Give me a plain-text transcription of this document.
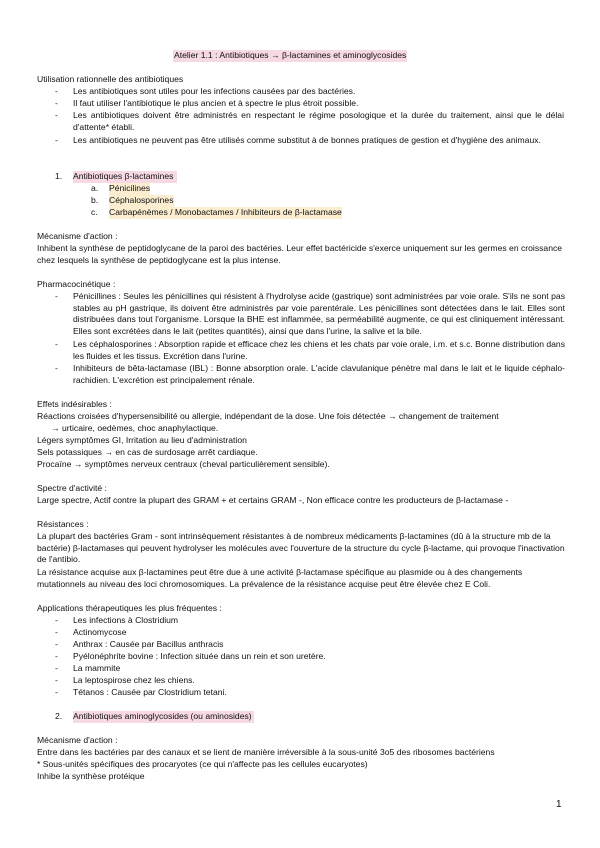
Atelier 1.1 : Antibiotiques → β-lactamines et aminoglycosides
Utilisation rationnelle des antibiotiques
- Les antibiotiques sont utiles pour les infections causées par des bactéries.
- Il faut utiliser l'antibiotique le plus ancien et à spectre le plus étroit possible.
- Les antibiotiques doivent être administrés en respectant le régime posologique et la durée du traitement, ainsi que le délai d'attente* établi.
- Les antibiotiques ne peuvent pas être utilisés comme substitut à de bonnes pratiques de gestion et d'hygiène des animaux.
1. Antibiotiques β-lactamines
a. Pénicilines
b. Céphalosporines
c. Carbapénèmes / Monobactames / Inhibiteurs de β-lactamase
Mécanisme d'action :
Inhibent la synthèse de peptidoglycane de la paroi des bactéries. Leur effet bactéricide s'exerce uniquement sur les germes en croissance chez lesquels la synthèse de peptidoglycane est la plus intense.
Pharmacocinétique :
- Pénicillines : Seules les pénicillines qui résistent à l'hydrolyse acide (gastrique) sont administrées par voie orale. S'ils ne sont pas stables au pH gastrique, ils doivent être administrés par voie parentérale. Les pénicillines sont détectées dans le lait. Elles sont distribuées dans tout l'organisme. Lorsque la BHE est inflammée, sa perméabilité augmente, ce qui est cliniquement intéressant. Elles sont excrétées dans le lait (petites quantités), ainsi que dans l'urine, la salive et la bile.
- Les céphalosporines : Absorption rapide et efficace chez les chiens et les chats par voie orale, i.m. et s.c. Bonne distribution dans les fluides et les tissus. Excrétion dans l'urine.
- Inhibiteurs de bêta-lactamase (IBL) : Bonne absorption orale. L'acide clavulanique pénètre mal dans le lait et le liquide céphalo- rachidien. L'excrétion est principalement rénale.
Effets indésirables :
Réactions croisées d'hypersensibilité ou allergie, indépendant de la dose. Une fois détectée → changement de traitement
→ urticaire, oedèmes, choc anaphylactique.
Légers symptômes GI, Irritation au lieu d'administration
Sels potassiques → en cas de surdosage arrêt cardiaque.
Procaïne → symptômes nerveux centraux (cheval particulièrement sensible).
Spectre d'activité :
Large spectre, Actif contre la plupart des GRAM + et certains GRAM -, Non efficace contre les producteurs de β-lactamase -
Résistances :
La plupart des bactéries Gram - sont intrinsèquement résistantes à de nombreux médicaments β-lactamines (dû à la structure mb de la bactérie) β-lactamases qui peuvent hydrolyser les molécules avec l'ouverture de la structure du cycle β-lactame, qui provoque l'inactivation de l'antibio.
La résistance acquise aux β-lactamines peut être due à une activité β-lactamase spécifique au plasmide ou à des changements mutationnels au niveau des loci chromosomiques. La prévalence de la résistance acquise peut être élevée chez E Coli.
Applications thérapeutiques les plus fréquentes :
- Les infections à Clostridium
- Actinomycose
- Anthrax : Causée par Bacillus anthracis
- Pyélonéphrite bovine : Infection située dans un rein et son uretère.
- La mammite
- La leptospirose chez les chiens.
- Tétanos : Causée par Clostridium tetani.
2. Antibiotiques aminoglycosides (ou aminosides)
Mécanisme d'action :
Entre dans les bactéries par des canaux et se lient de manière irréversible à la sous-unité 3o5 des ribosomes bactériens
* Sous-unités spécifiques des procaryotes (ce qui n'affecte pas les cellules eucaryotes)
Inhibe la synthèse protéique
1
